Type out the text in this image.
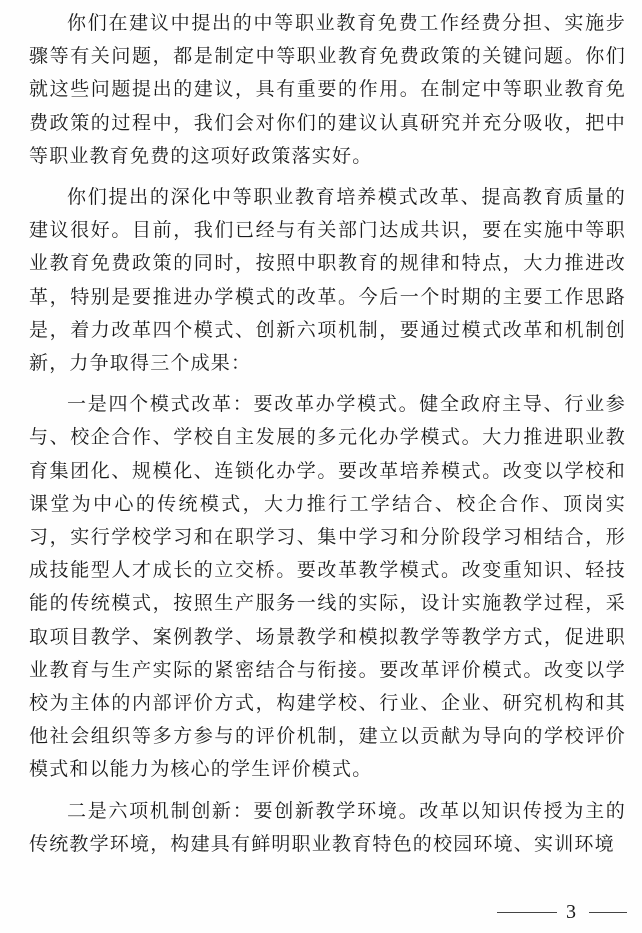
你们在建议中提出的中等职业教育免费工作经费分担、实施步骤等有关问题，都是制定中等职业教育免费政策的关键问题。你们就这些问题提出的建议，具有重要的作用。在制定中等职业教育免费政策的过程中，我们会对你们的建议认真研究并充分吸收，把中等职业教育免费的这项好政策落实好。

你们提出的深化中等职业教育培养模式改革、提高教育质量的建议很好。目前，我们已经与有关部门达成共识，要在实施中等职业教育免费政策的同时，按照中职教育的规律和特点，大力推进改革，特别是要推进办学模式的改革。今后一个时期的主要工作思路是，着力改革四个模式、创新六项机制，要通过模式改革和机制创新，力争取得三个成果：

一是四个模式改革：要改革办学模式。健全政府主导、行业参与、校企合作、学校自主发展的多元化办学模式。大力推进职业教育集团化、规模化、连锁化办学。要改革培养模式。改变以学校和课堂为中心的传统模式，大力推行工学结合、校企合作、顶岗实习，实行学校学习和在职学习、集中学习和分阶段学习相结合，形成技能型人才成长的立交桥。要改革教学模式。改变重知识、轻技能的传统模式，按照生产服务一线的实际，设计实施教学过程，采取项目教学、案例教学、场景教学和模拟教学等教学方式，促进职业教育与生产实际的紧密结合与衔接。要改革评价模式。改变以学校为主体的内部评价方式，构建学校、行业、企业、研究机构和其他社会组织等多方参与的评价机制，建立以贡献为导向的学校评价模式和以能力为核心的学生评价模式。

二是六项机制创新：要创新教学环境。改革以知识传授为主的传统教学环境，构建具有鲜明职业教育特色的校园环境、实训环境

3
